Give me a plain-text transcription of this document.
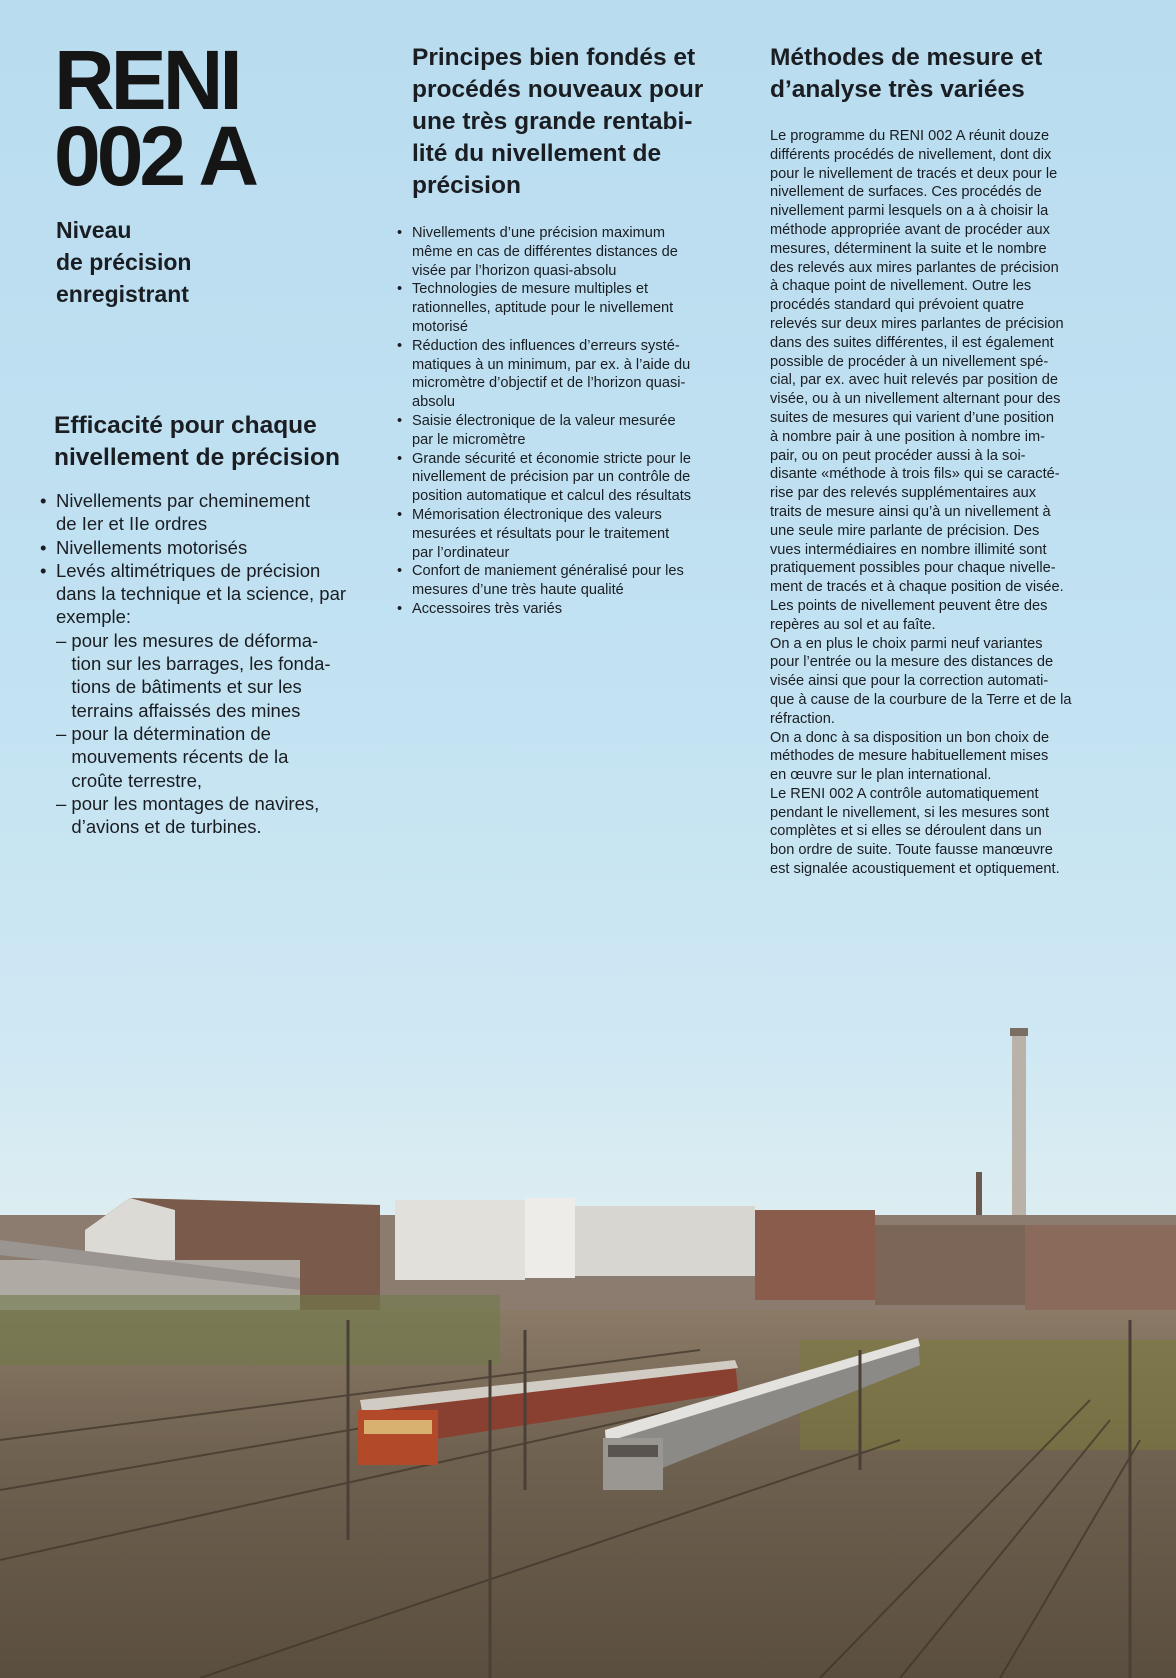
RENI
002 A
Niveau
de précision
enregistrant
Efficacité pour chaque
nivellement de précision
• Nivellements par cheminement
de Ier et IIe ordres
• Nivellements motorisés
• Levés altimétriques de précision
dans la technique et la science, par
exemple:
– pour les mesures de déforma-
tion sur les barrages, les fonda-
tions de bâtiments et sur les
terrains affaissés des mines
– pour la détermination de
mouvements récents de la
croûte terrestre,
– pour les montages de navires,
d’avions et de turbines.
Principes bien fondés et
procédés nouveaux pour
une très grande rentabi-
lité du nivellement de
précision
• Nivellements d’une précision maximum
même en cas de différentes distances de
visée par l’horizon quasi-absolu
• Technologies de mesure multiples et
rationnelles, aptitude pour le nivellement
motorisé
• Réduction des influences d’erreurs systé-
matiques à un minimum, par ex. à l’aide du
micromètre d’objectif et de l’horizon quasi-
absolu
• Saisie électronique de la valeur mesurée
par le micromètre
• Grande sécurité et économie stricte pour le
nivellement de précision par un contrôle de
position automatique et calcul des résultats
• Mémorisation électronique des valeurs
mesurées et résultats pour le traitement
par l’ordinateur
• Confort de maniement généralisé pour les
mesures d’une très haute qualité
• Accessoires très variés
Méthodes de mesure et
d’analyse très variées
Le programme du RENI 002 A réunit douze
différents procédés de nivellement, dont dix
pour le nivellement de tracés et deux pour le
nivellement de surfaces. Ces procédés de
nivellement parmi lesquels on a à choisir la
méthode appropriée avant de procéder aux
mesures, déterminent la suite et le nombre
des relevés aux mires parlantes de précision
à chaque point de nivellement. Outre les
procédés standard qui prévoient quatre
relevés sur deux mires parlantes de précision
dans des suites différentes, il est également
possible de procéder à un nivellement spé-
cial, par ex. avec huit relevés par position de
visée, ou à un nivellement alternant pour des
suites de mesures qui varient d’une position
à nombre pair à une position à nombre im-
pair, ou on peut procéder aussi à la soi-
disante «méthode à trois fils» qui se caracté-
rise par des relevés supplémentaires aux
traits de mesure ainsi qu’à un nivellement à
une seule mire parlante de précision. Des
vues intermédiaires en nombre illimité sont
pratiquement possibles pour chaque nivelle-
ment de tracés et à chaque position de visée.
Les points de nivellement peuvent être des
repères au sol et au faîte.
On a en plus le choix parmi neuf variantes
pour l’entrée ou la mesure des distances de
visée ainsi que pour la correction automati-
que à cause de la courbure de la Terre et de la
réfraction.
On a donc à sa disposition un bon choix de
méthodes de mesure habituellement mises
en œuvre sur le plan international.
Le RENI 002 A contrôle automatiquement
pendant le nivellement, si les mesures sont
complètes et si elles se déroulent dans un
bon ordre de suite. Toute fausse manœuvre
est signalée acoustiquement et optiquement.
